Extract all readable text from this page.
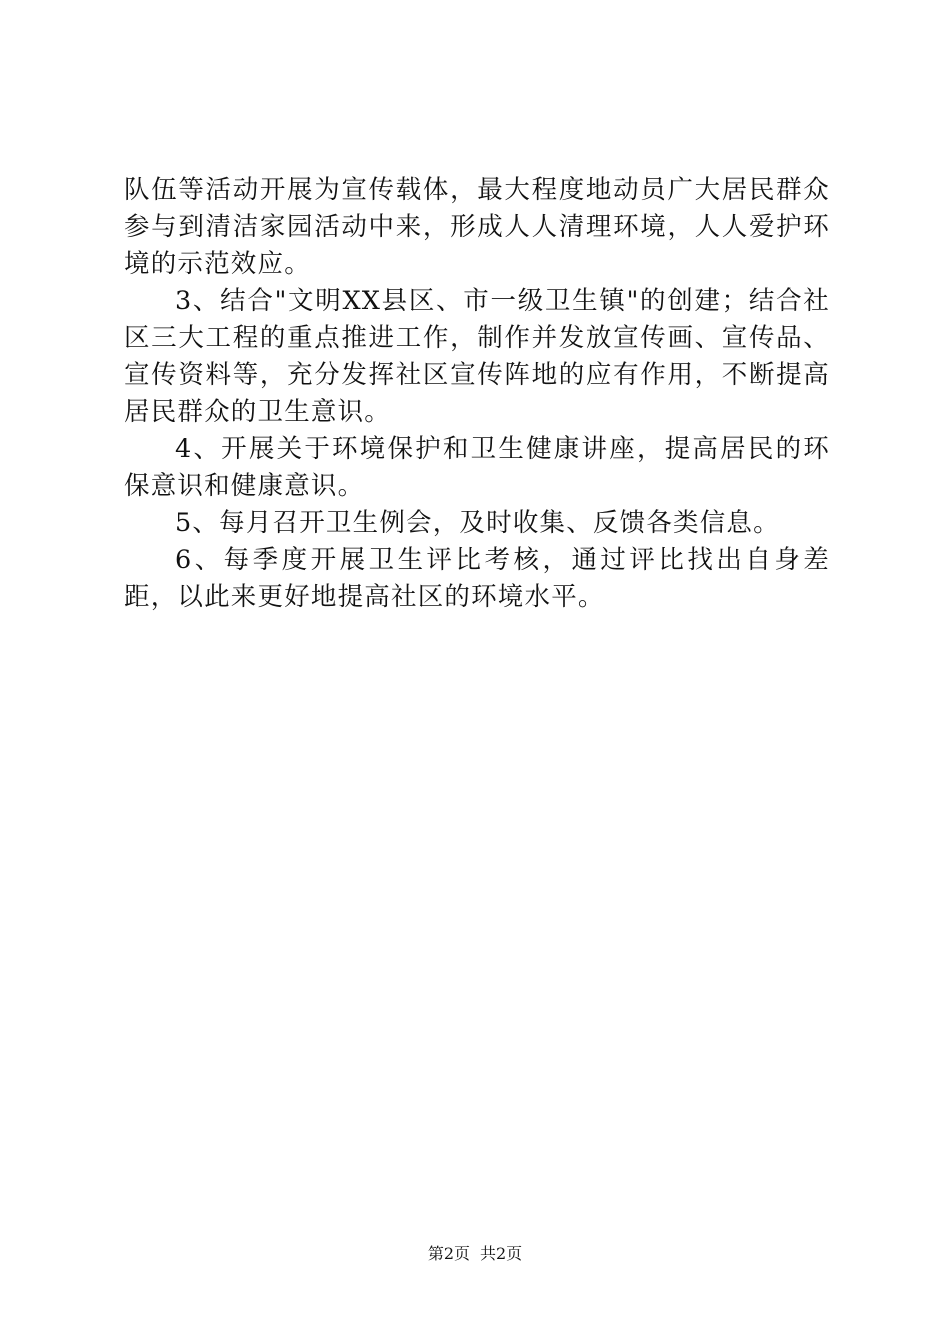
队伍等活动开展为宣传载体，最大程度地动员广大居民群众参与到清洁家园活动中来，形成人人清理环境，人人爱护环境的示范效应。

3、结合"文明XX县区、市一级卫生镇"的创建；结合社区三大工程的重点推进工作，制作并发放宣传画、宣传品、宣传资料等，充分发挥社区宣传阵地的应有作用，不断提高居民群众的卫生意识。

4、开展关于环境保护和卫生健康讲座，提高居民的环保意识和健康意识。

5、每月召开卫生例会，及时收集、反馈各类信息。

6、每季度开展卫生评比考核，通过评比找出自身差距，以此来更好地提高社区的环境水平。

第2页 共2页
